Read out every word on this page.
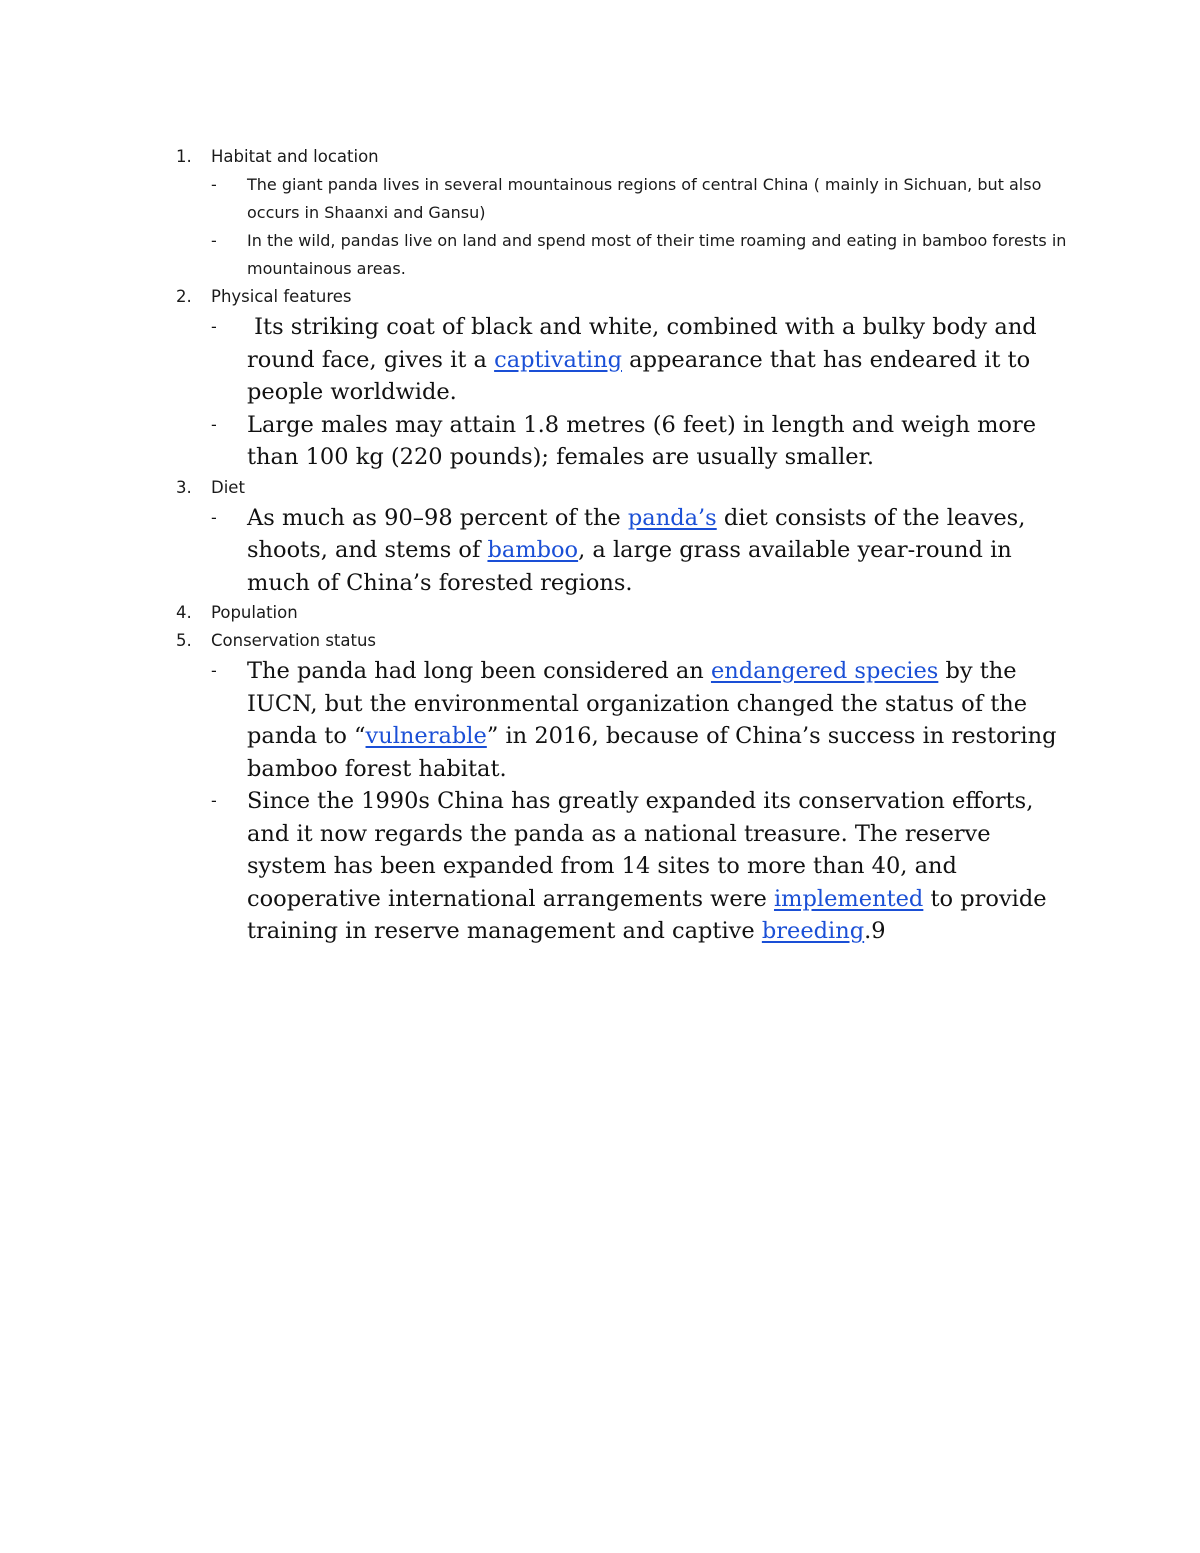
1. Habitat and location
- The giant panda lives in several mountainous regions of central China ( mainly in Sichuan, but also occurs in Shaanxi and Gansu)
- In the wild, pandas live on land and spend most of their time roaming and eating in bamboo forests in mountainous areas.
2. Physical features
- Its striking coat of black and white, combined with a bulky body and round face, gives it a captivating appearance that has endeared it to people worldwide.
- Large males may attain 1.8 metres (6 feet) in length and weigh more than 100 kg (220 pounds); females are usually smaller.
3. Diet
- As much as 90–98 percent of the panda’s diet consists of the leaves, shoots, and stems of bamboo, a large grass available year-round in much of China’s forested regions.
4. Population
5. Conservation status
- The panda had long been considered an endangered species by the IUCN, but the environmental organization changed the status of the panda to “vulnerable” in 2016, because of China’s success in restoring bamboo forest habitat.
- Since the 1990s China has greatly expanded its conservation efforts, and it now regards the panda as a national treasure. The reserve system has been expanded from 14 sites to more than 40, and cooperative international arrangements were implemented to provide training in reserve management and captive breeding.9
